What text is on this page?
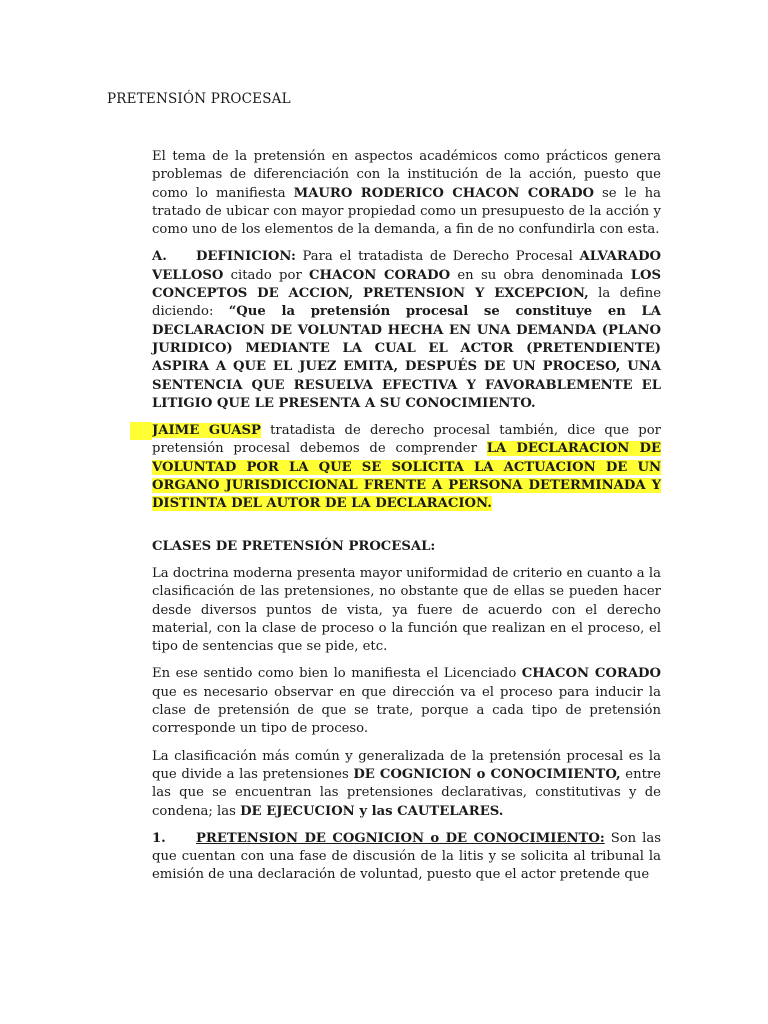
PRETENSIÓN PROCESAL

El tema de la pretensión en aspectos académicos como prácticos genera problemas de diferenciación con la institución de la acción, puesto que como lo manifiesta MAURO RODERICO CHACON CORADO se le ha tratado de ubicar con mayor propiedad como un presupuesto de la acción y como uno de los elementos de la demanda, a fin de no confundirla con esta.

A. DEFINICION: Para el tratadista de Derecho Procesal ALVARADO VELLOSO citado por CHACON CORADO en su obra denominada LOS CONCEPTOS DE ACCION, PRETENSION Y EXCEPCION, la define diciendo: “Que la pretensión procesal se constituye en LA DECLARACION DE VOLUNTAD HECHA EN UNA DEMANDA (PLANO JURIDICO) MEDIANTE LA CUAL EL ACTOR (PRETENDIENTE) ASPIRA A QUE EL JUEZ EMITA, DESPUÉS DE UN PROCESO, UNA SENTENCIA QUE RESUELVA EFECTIVA Y FAVORABLEMENTE EL LITIGIO QUE LE PRESENTA A SU CONOCIMIENTO.

JAIME GUASP tratadista de derecho procesal también, dice que por pretensión procesal debemos de comprender LA DECLARACION DE VOLUNTAD POR LA QUE SE SOLICITA LA ACTUACION DE UN ORGANO JURISDICCIONAL FRENTE A PERSONA DETERMINADA Y DISTINTA DEL AUTOR DE LA DECLARACION.

CLASES DE PRETENSIÓN PROCESAL:

La doctrina moderna presenta mayor uniformidad de criterio en cuanto a la clasificación de las pretensiones, no obstante que de ellas se pueden hacer desde diversos puntos de vista, ya fuere de acuerdo con el derecho material, con la clase de proceso o la función que realizan en el proceso, el tipo de sentencias que se pide, etc.

En ese sentido como bien lo manifiesta el Licenciado CHACON CORADO que es necesario observar en que dirección va el proceso para inducir la clase de pretensión de que se trate, porque a cada tipo de pretensión corresponde un tipo de proceso.

La clasificación más común y generalizada de la pretensión procesal es la que divide a las pretensiones DE COGNICION o CONOCIMIENTO, entre las que se encuentran las pretensiones declarativas, constitutivas y de condena; las DE EJECUCION y las CAUTELARES.

1. PRETENSION DE COGNICION o DE CONOCIMIENTO: Son las que cuentan con una fase de discusión de la litis y se solicita al tribunal la emisión de una declaración de voluntad, puesto que el actor pretende que
